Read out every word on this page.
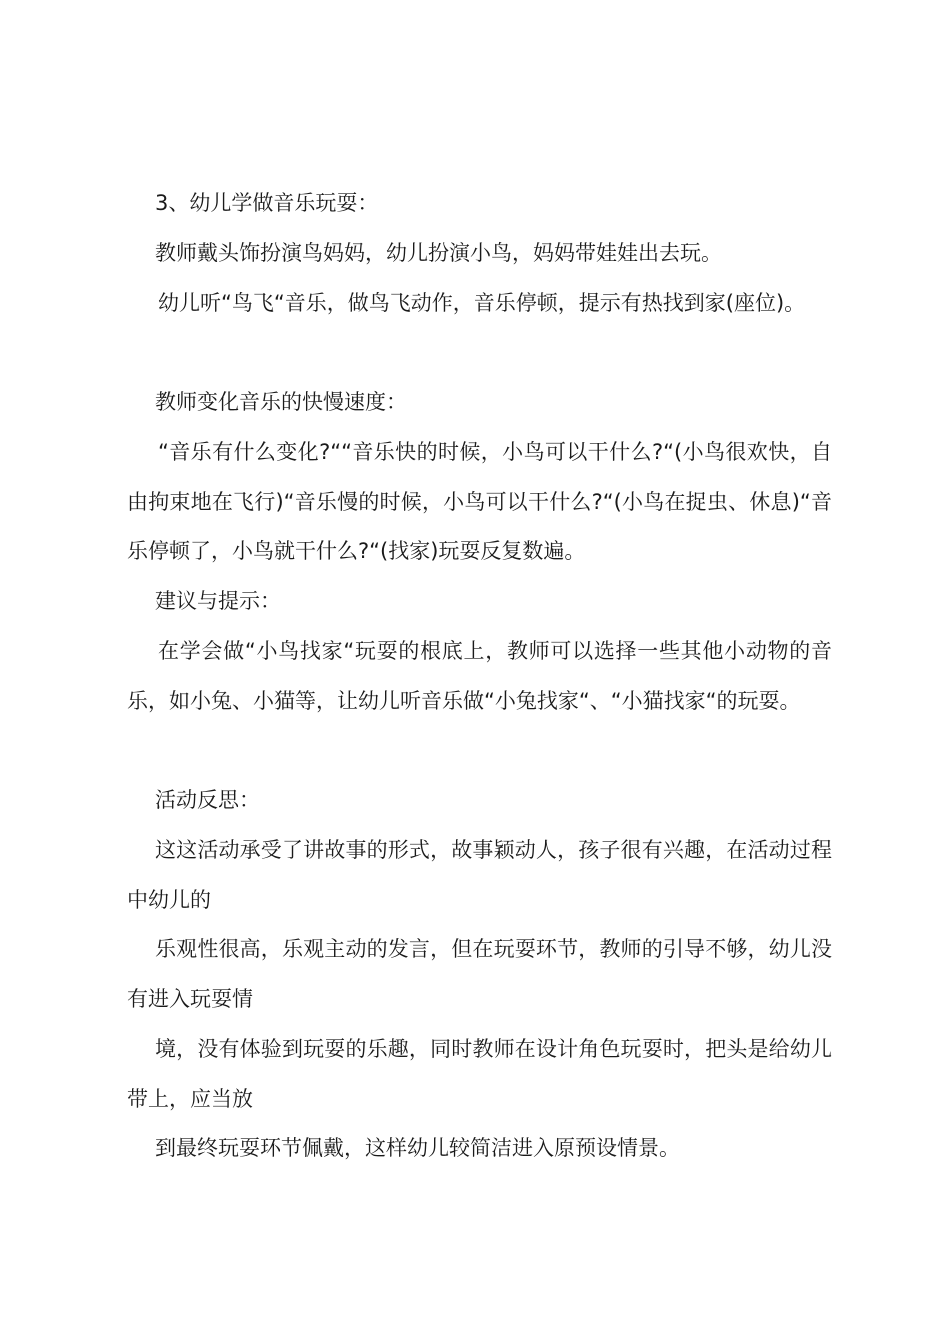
3、幼儿学做音乐玩耍：
教师戴头饰扮演鸟妈妈，幼儿扮演小鸟，妈妈带娃娃出去玩。
幼儿听“鸟飞“音乐，做鸟飞动作，音乐停顿，提示有热找到家(座位)。
教师变化音乐的快慢速度：
“音乐有什么变化?““音乐快的时候，小鸟可以干什么?“(小鸟很欢快，自由拘束地在飞行)“音乐慢的时候，小鸟可以干什么?“(小鸟在捉虫、休息)“音乐停顿了，小鸟就干什么?“(找家)玩耍反复数遍。
建议与提示：
在学会做“小鸟找家“玩耍的根底上，教师可以选择一些其他小动物的音乐，如小兔、小猫等，让幼儿听音乐做“小兔找家“、“小猫找家“的玩耍。
活动反思：
这这活动承受了讲故事的形式，故事颖动人，孩子很有兴趣，在活动过程中幼儿的
乐观性很高，乐观主动的发言，但在玩耍环节，教师的引导不够，幼儿没有进入玩耍情
境，没有体验到玩耍的乐趣，同时教师在设计角色玩耍时，把头是给幼儿带上，应当放
到最终玩耍环节佩戴，这样幼儿较简洁进入原预设情景。
